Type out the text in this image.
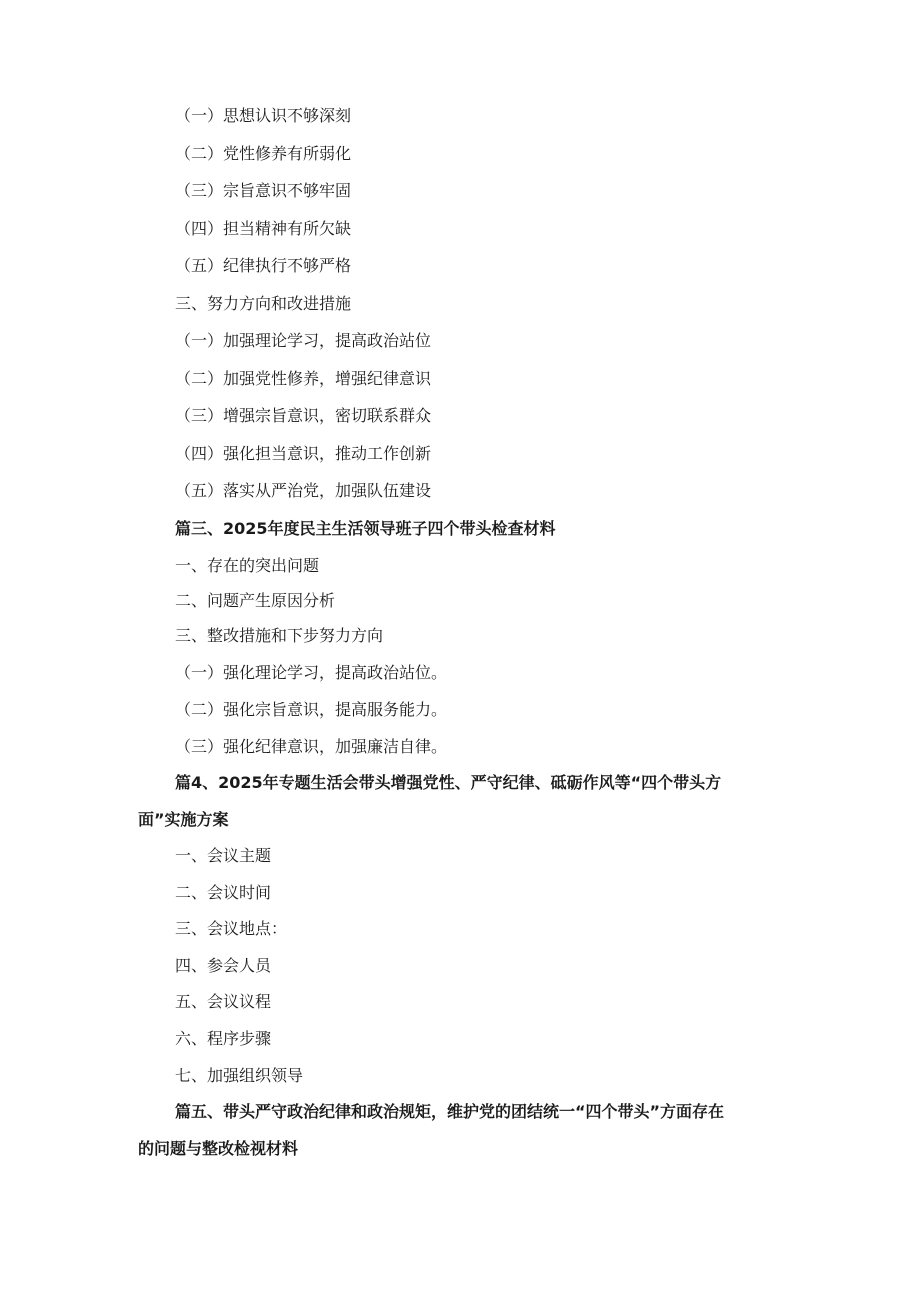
（一）思想认识不够深刻
（二）党性修养有所弱化
（三）宗旨意识不够牢固
（四）担当精神有所欠缺
（五）纪律执行不够严格
三、努力方向和改进措施
（一）加强理论学习，提高政治站位
（二）加强党性修养，增强纪律意识
（三）增强宗旨意识，密切联系群众
（四）强化担当意识，推动工作创新
（五）落实从严治党，加强队伍建设
篇三、2025年度民主生活领导班子四个带头检查材料
一、存在的突出问题
二、问题产生原因分析
三、整改措施和下步努力方向
（一）强化理论学习，提高政治站位。
（二）强化宗旨意识，提高服务能力。
（三）强化纪律意识，加强廉洁自律。
篇4、2025年专题生活会带头增强党性、严守纪律、砥砺作风等“四个带头方
面”实施方案
一、会议主题
二、会议时间
三、会议地点：
四、参会人员
五、会议议程
六、程序步骤
七、加强组织领导
篇五、带头严守政治纪律和政治规矩，维护党的团结统一“四个带头”方面存在
的问题与整改检视材料
